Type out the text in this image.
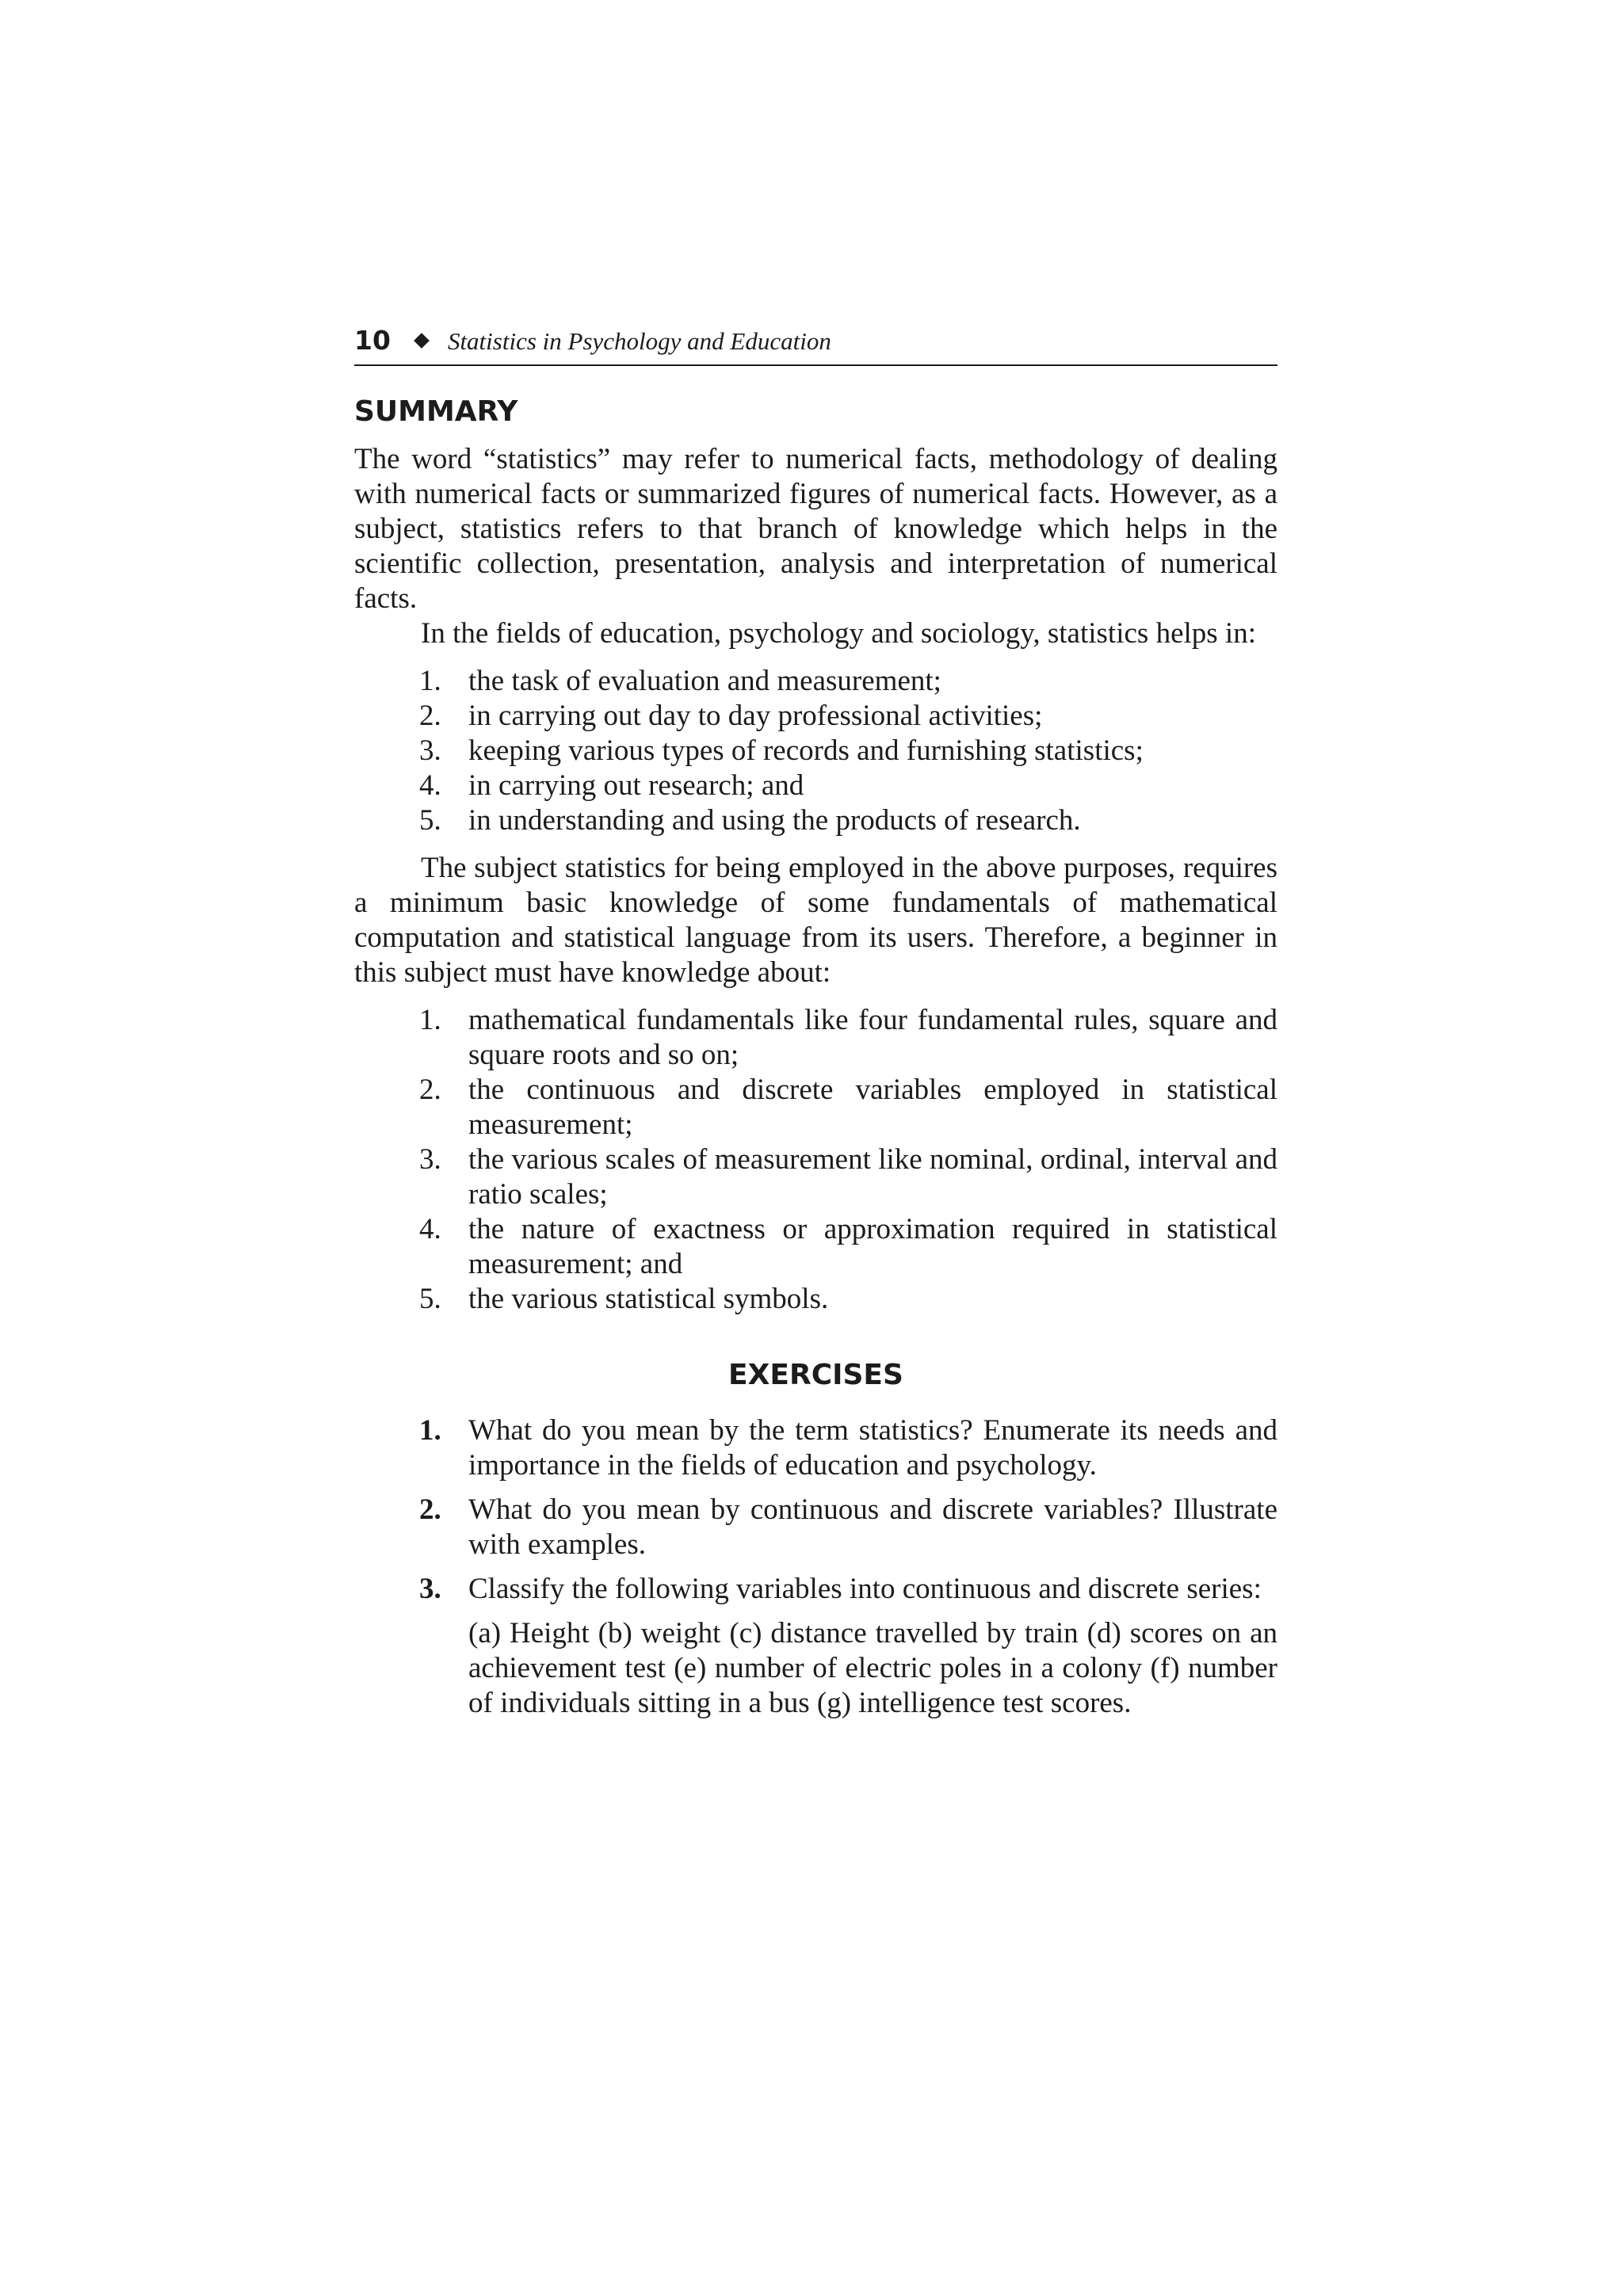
10 Statistics in Psychology and Education
SUMMARY

The word “statistics” may refer to numerical facts, methodology of dealing with numerical facts or summarized figures of numerical facts. However, as a subject, statistics refers to that branch of knowledge which helps in the scientific collection, presentation, analysis and interpretation of numerical facts.

In the fields of education, psychology and sociology, statistics helps in:

1. the task of evaluation and measurement;
2. in carrying out day to day professional activities;
3. keeping various types of records and furnishing statistics;
4. in carrying out research; and
5. in understanding and using the products of research.

The subject statistics for being employed in the above purposes, requires a minimum basic knowledge of some fundamentals of mathematical computation and statistical language from its users. Therefore, a beginner in this subject must have knowledge about:

1. mathematical fundamentals like four fundamental rules, square and square roots and so on;
2. the continuous and discrete variables employed in statistical measurement;
3. the various scales of measurement like nominal, ordinal, interval and ratio scales;
4. the nature of exactness or approximation required in statistical measurement; and
5. the various statistical symbols.
EXERCISES
1. What do you mean by the term statistics? Enumerate its needs and importance in the fields of education and psychology.
2. What do you mean by continuous and discrete variables? Illustrate with examples.
3. Classify the following variables into continuous and discrete series:
(a) Height (b) weight (c) distance travelled by train (d) scores on an achievement test (e) number of electric poles in a colony (f) number of individuals sitting in a bus (g) intelligence test scores.
